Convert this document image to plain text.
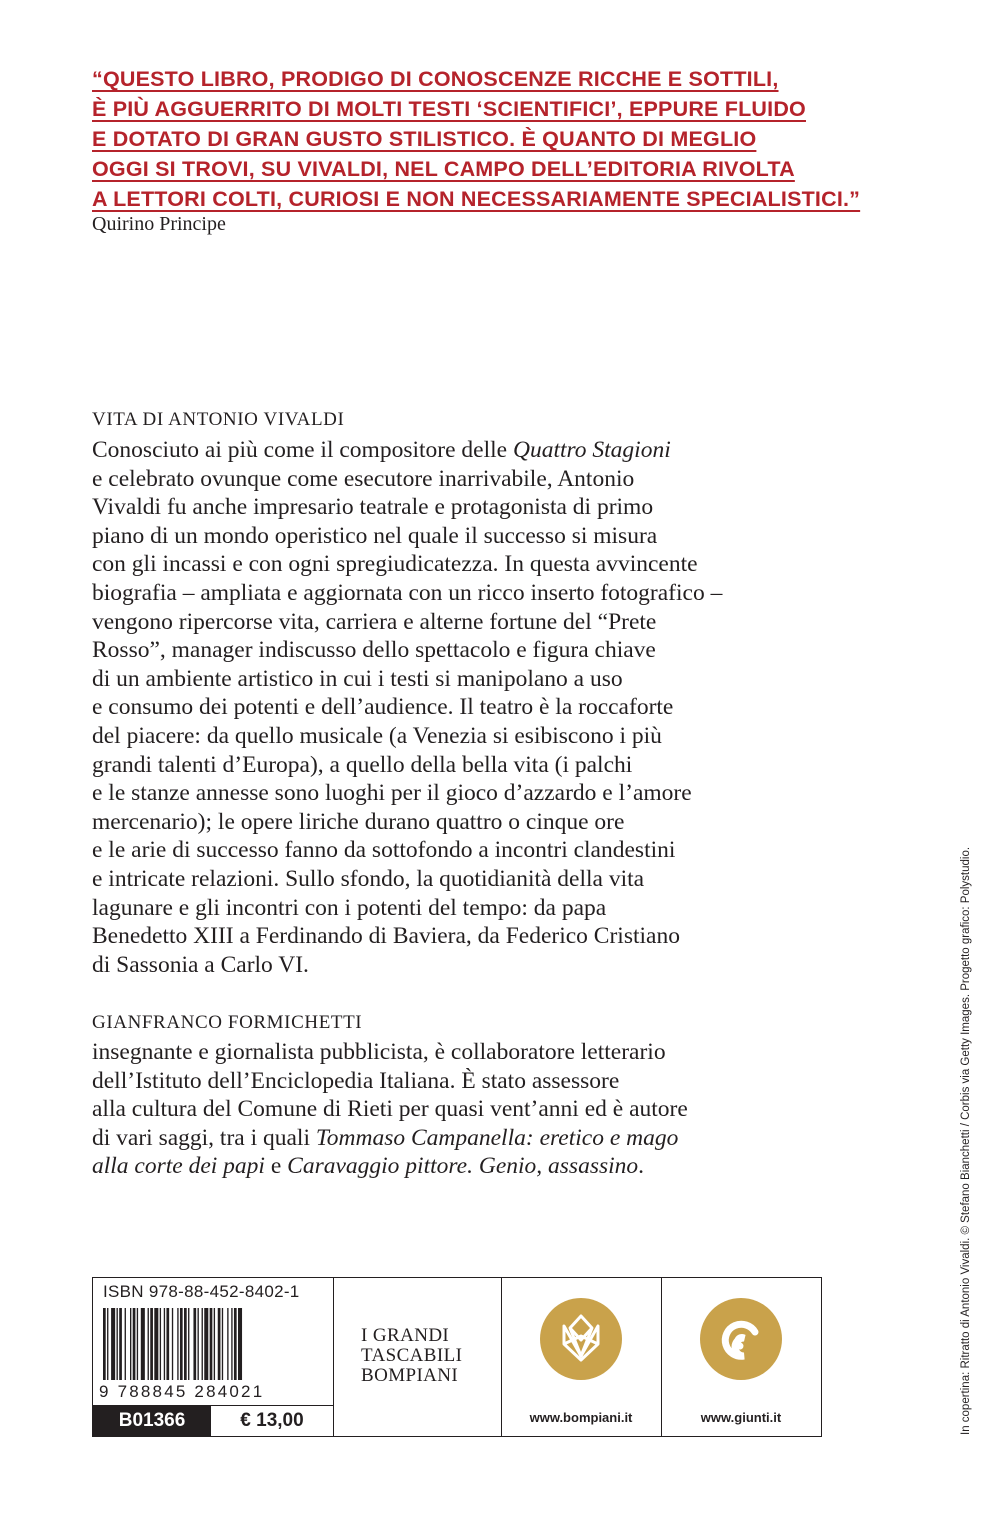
“QUESTO LIBRO, PRODIGO DI CONOSCENZE RICCHE E SOTTILI,
È PIÙ AGGUERRITO DI MOLTI TESTI ‘SCIENTIFICI’, EPPURE FLUIDO
E DOTATO DI GRAN GUSTO STILISTICO. È QUANTO DI MEGLIO
OGGI SI TROVI, SU VIVALDI, NEL CAMPO DELL’EDITORIA RIVOLTA
A LETTORI COLTI, CURIOSI E NON NECESSARIAMENTE SPECIALISTICI.”
Quirino Principe
VITA DI ANTONIO VIVALDI
Conosciuto ai più come il compositore delle Quattro Stagioni
e celebrato ovunque come esecutore inarrivabile, Antonio
Vivaldi fu anche impresario teatrale e protagonista di primo
piano di un mondo operistico nel quale il successo si misura
con gli incassi e con ogni spregiudicatezza. In questa avvincente
biografia – ampliata e aggiornata con un ricco inserto fotografico –
vengono ripercorse vita, carriera e alterne fortune del “Prete
Rosso”, manager indiscusso dello spettacolo e figura chiave
di un ambiente artistico in cui i testi si manipolano a uso
e consumo dei potenti e dell’audience. Il teatro è la roccaforte
del piacere: da quello musicale (a Venezia si esibiscono i più
grandi talenti d’Europa), a quello della bella vita (i palchi
e le stanze annesse sono luoghi per il gioco d’azzardo e l’amore
mercenario); le opere liriche durano quattro o cinque ore
e le arie di successo fanno da sottofondo a incontri clandestini
e intricate relazioni. Sullo sfondo, la quotidianità della vita
lagunare e gli incontri con i potenti del tempo: da papa
Benedetto XIII a Ferdinando di Baviera, da Federico Cristiano
di Sassonia a Carlo VI.
GIANFRANCO FORMICHETTI
insegnante e giornalista pubblicista, è collaboratore letterario
dell’Istituto dell’Enciclopedia Italiana. È stato assessore
alla cultura del Comune di Rieti per quasi vent’anni ed è autore
di vari saggi, tra i quali Tommaso Campanella: eretico e mago
alla corte dei papi e Caravaggio pittore. Genio, assassino.
ISBN 978-88-452-8402-1
9 788845 284021
B01366	€ 13,00
I GRANDI
TASCABILI
BOMPIANI
www.bompiani.it	www.giunti.it	In copertina: Ritratto di Antonio Vivaldi. © Stefano Bianchetti / Corbis via Getty Images. Progetto grafico: Polystudio.
